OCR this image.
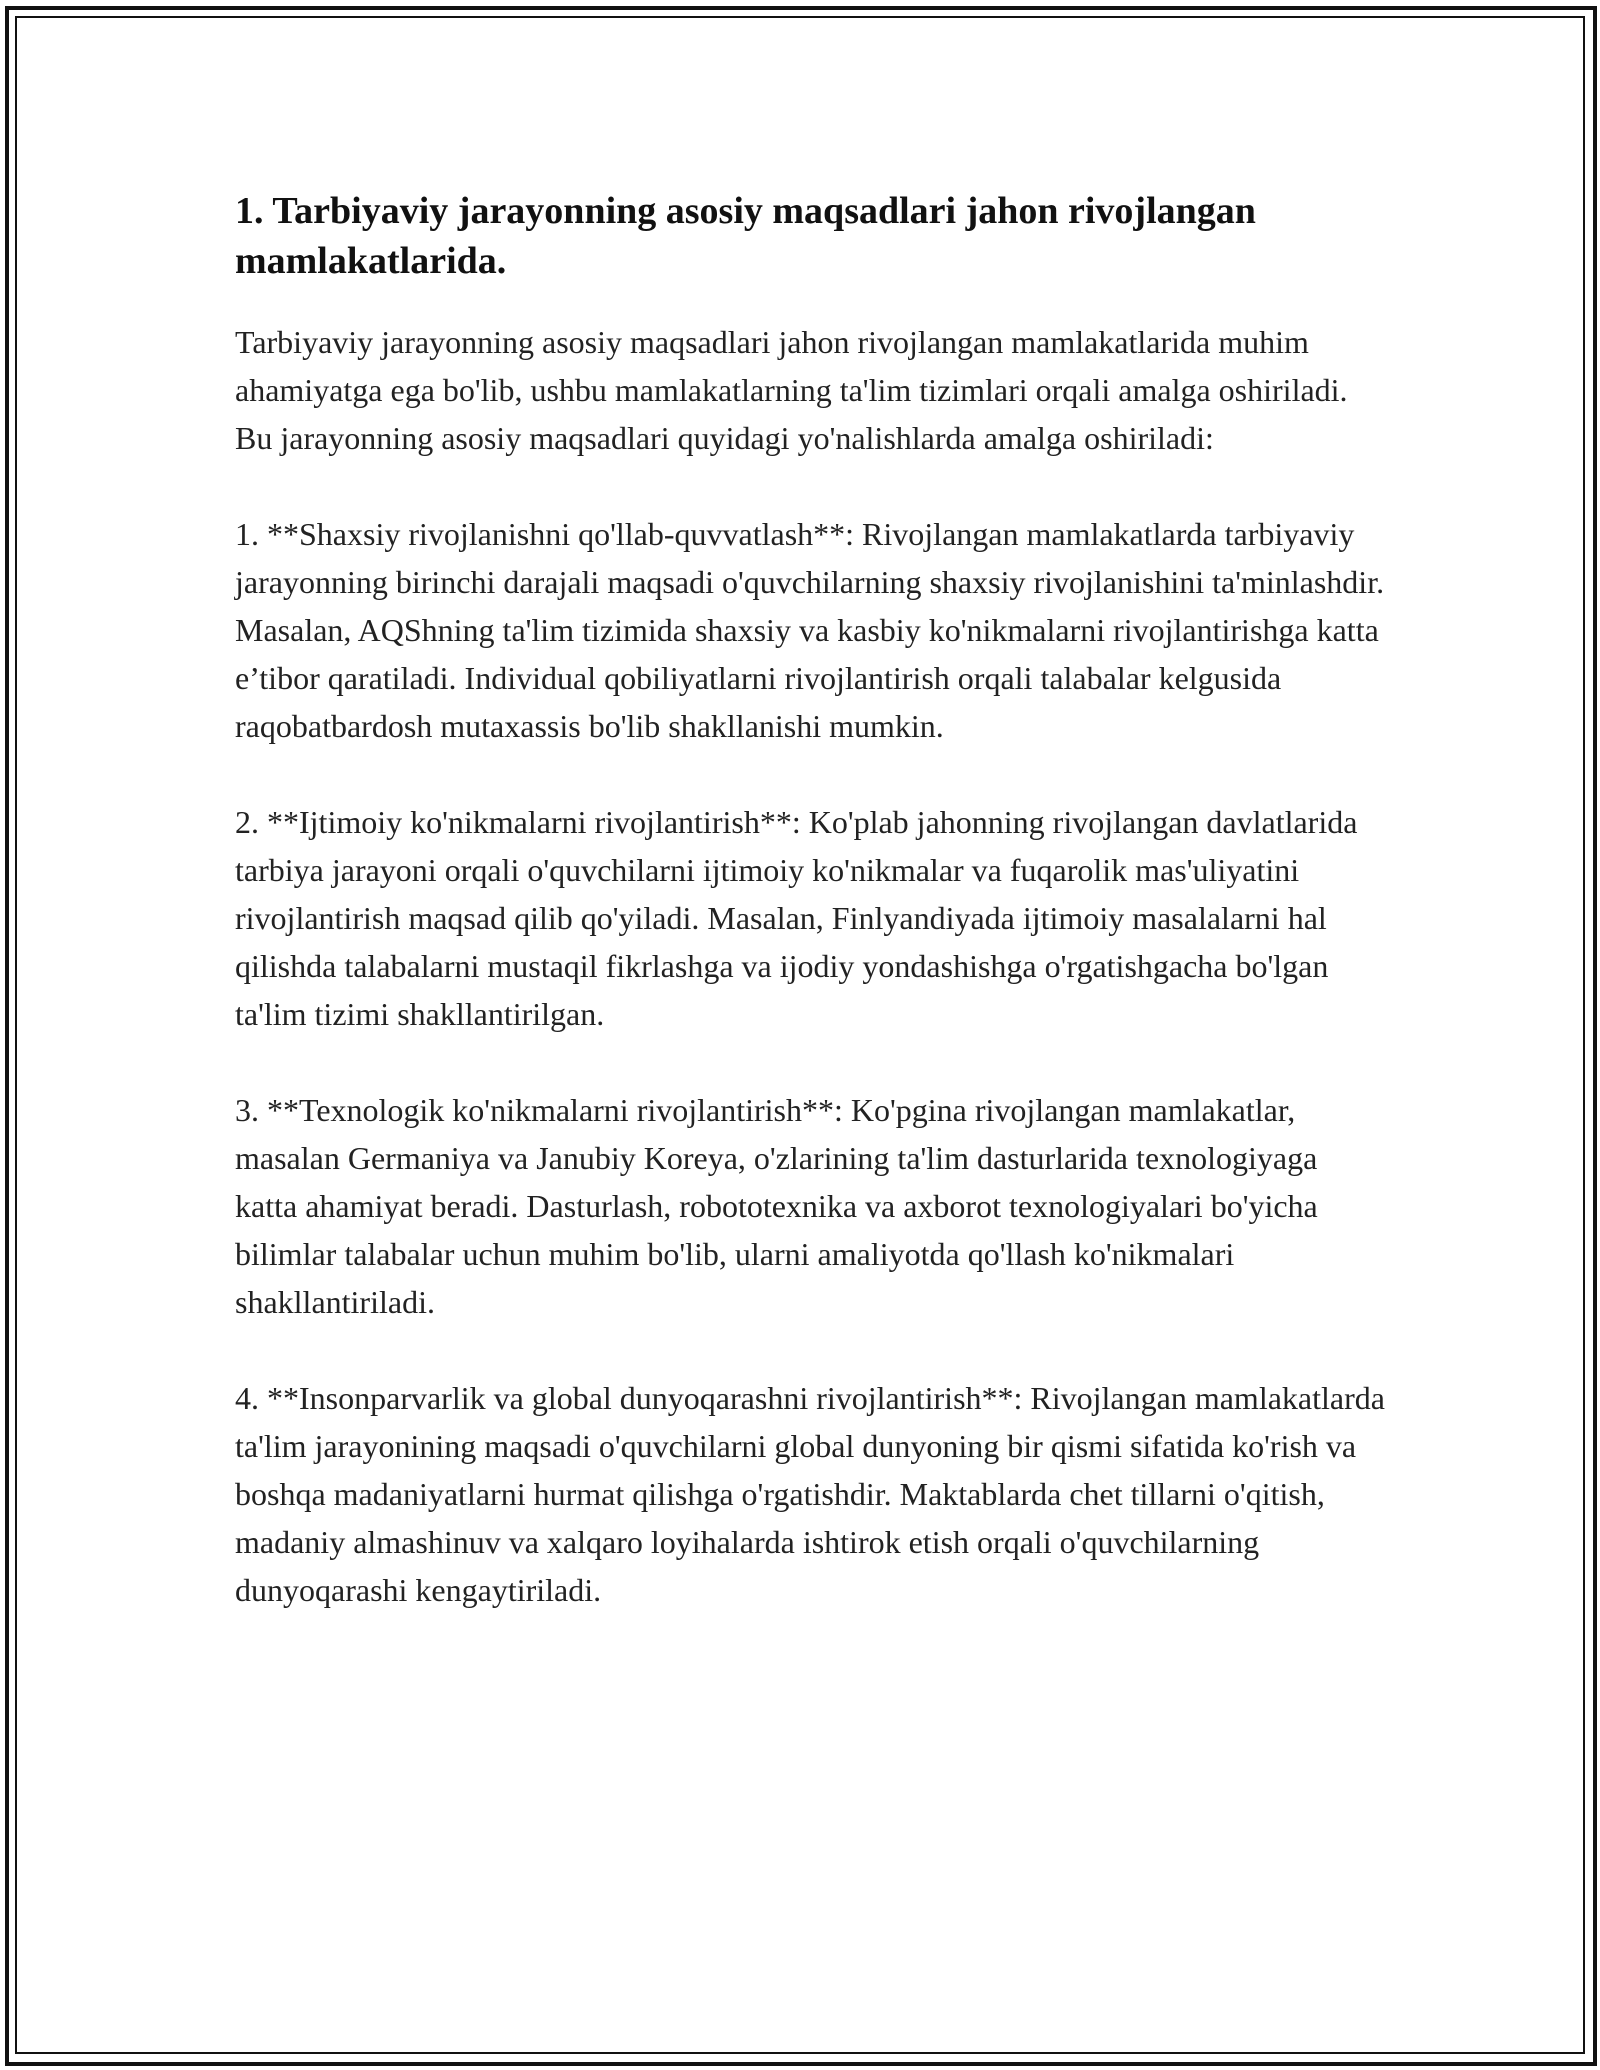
1. Tarbiyaviy jarayonning asosiy maqsadlari jahon rivojlangan mamlakatlarida.

Tarbiyaviy jarayonning asosiy maqsadlari jahon rivojlangan mamlakatlarida muhim ahamiyatga ega bo'lib, ushbu mamlakatlarning ta'lim tizimlari orqali amalga oshiriladi. Bu jarayonning asosiy maqsadlari quyidagi yo'nalishlarda amalga oshiriladi:

1. **Shaxsiy rivojlanishni qo'llab-quvvatlash**: Rivojlangan mamlakatlarda tarbiyaviy jarayonning birinchi darajali maqsadi o'quvchilarning shaxsiy rivojlanishini ta'minlashdir. Masalan, AQShning ta'lim tizimida shaxsiy va kasbiy ko'nikmalarni rivojlantirishga katta e’tibor qaratiladi. Individual qobiliyatlarni rivojlantirish orqali talabalar kelgusida raqobatbardosh mutaxassis bo'lib shakllanishi mumkin.

2. **Ijtimoiy ko'nikmalarni rivojlantirish**: Ko'plab jahonning rivojlangan davlatlarida tarbiya jarayoni orqali o'quvchilarni ijtimoiy ko'nikmalar va fuqarolik mas'uliyatini rivojlantirish maqsad qilib qo'yiladi. Masalan, Finlyandiyada ijtimoiy masalalarni hal qilishda talabalarni mustaqil fikrlashga va ijodiy yondashishga o'rgatishgacha bo'lgan ta'lim tizimi shakllantirilgan.

3. **Texnologik ko'nikmalarni rivojlantirish**: Ko'pgina rivojlangan mamlakatlar, masalan Germaniya va Janubiy Koreya, o'zlarining ta'lim dasturlarida texnologiyaga katta ahamiyat beradi. Dasturlash, robototexnika va axborot texnologiyalari bo'yicha bilimlar talabalar uchun muhim bo'lib, ularni amaliyotda qo'llash ko'nikmalari shakllantiriladi.

4. **Insonparvarlik va global dunyoqarashni rivojlantirish**: Rivojlangan mamlakatlarda ta'lim jarayonining maqsadi o'quvchilarni global dunyoning bir qismi sifatida ko'rish va boshqa madaniyatlarni hurmat qilishga o'rgatishdir. Maktablarda chet tillarni o'qitish, madaniy almashinuv va xalqaro loyihalarda ishtirok etish orqali o'quvchilarning dunyoqarashi kengaytiriladi.
